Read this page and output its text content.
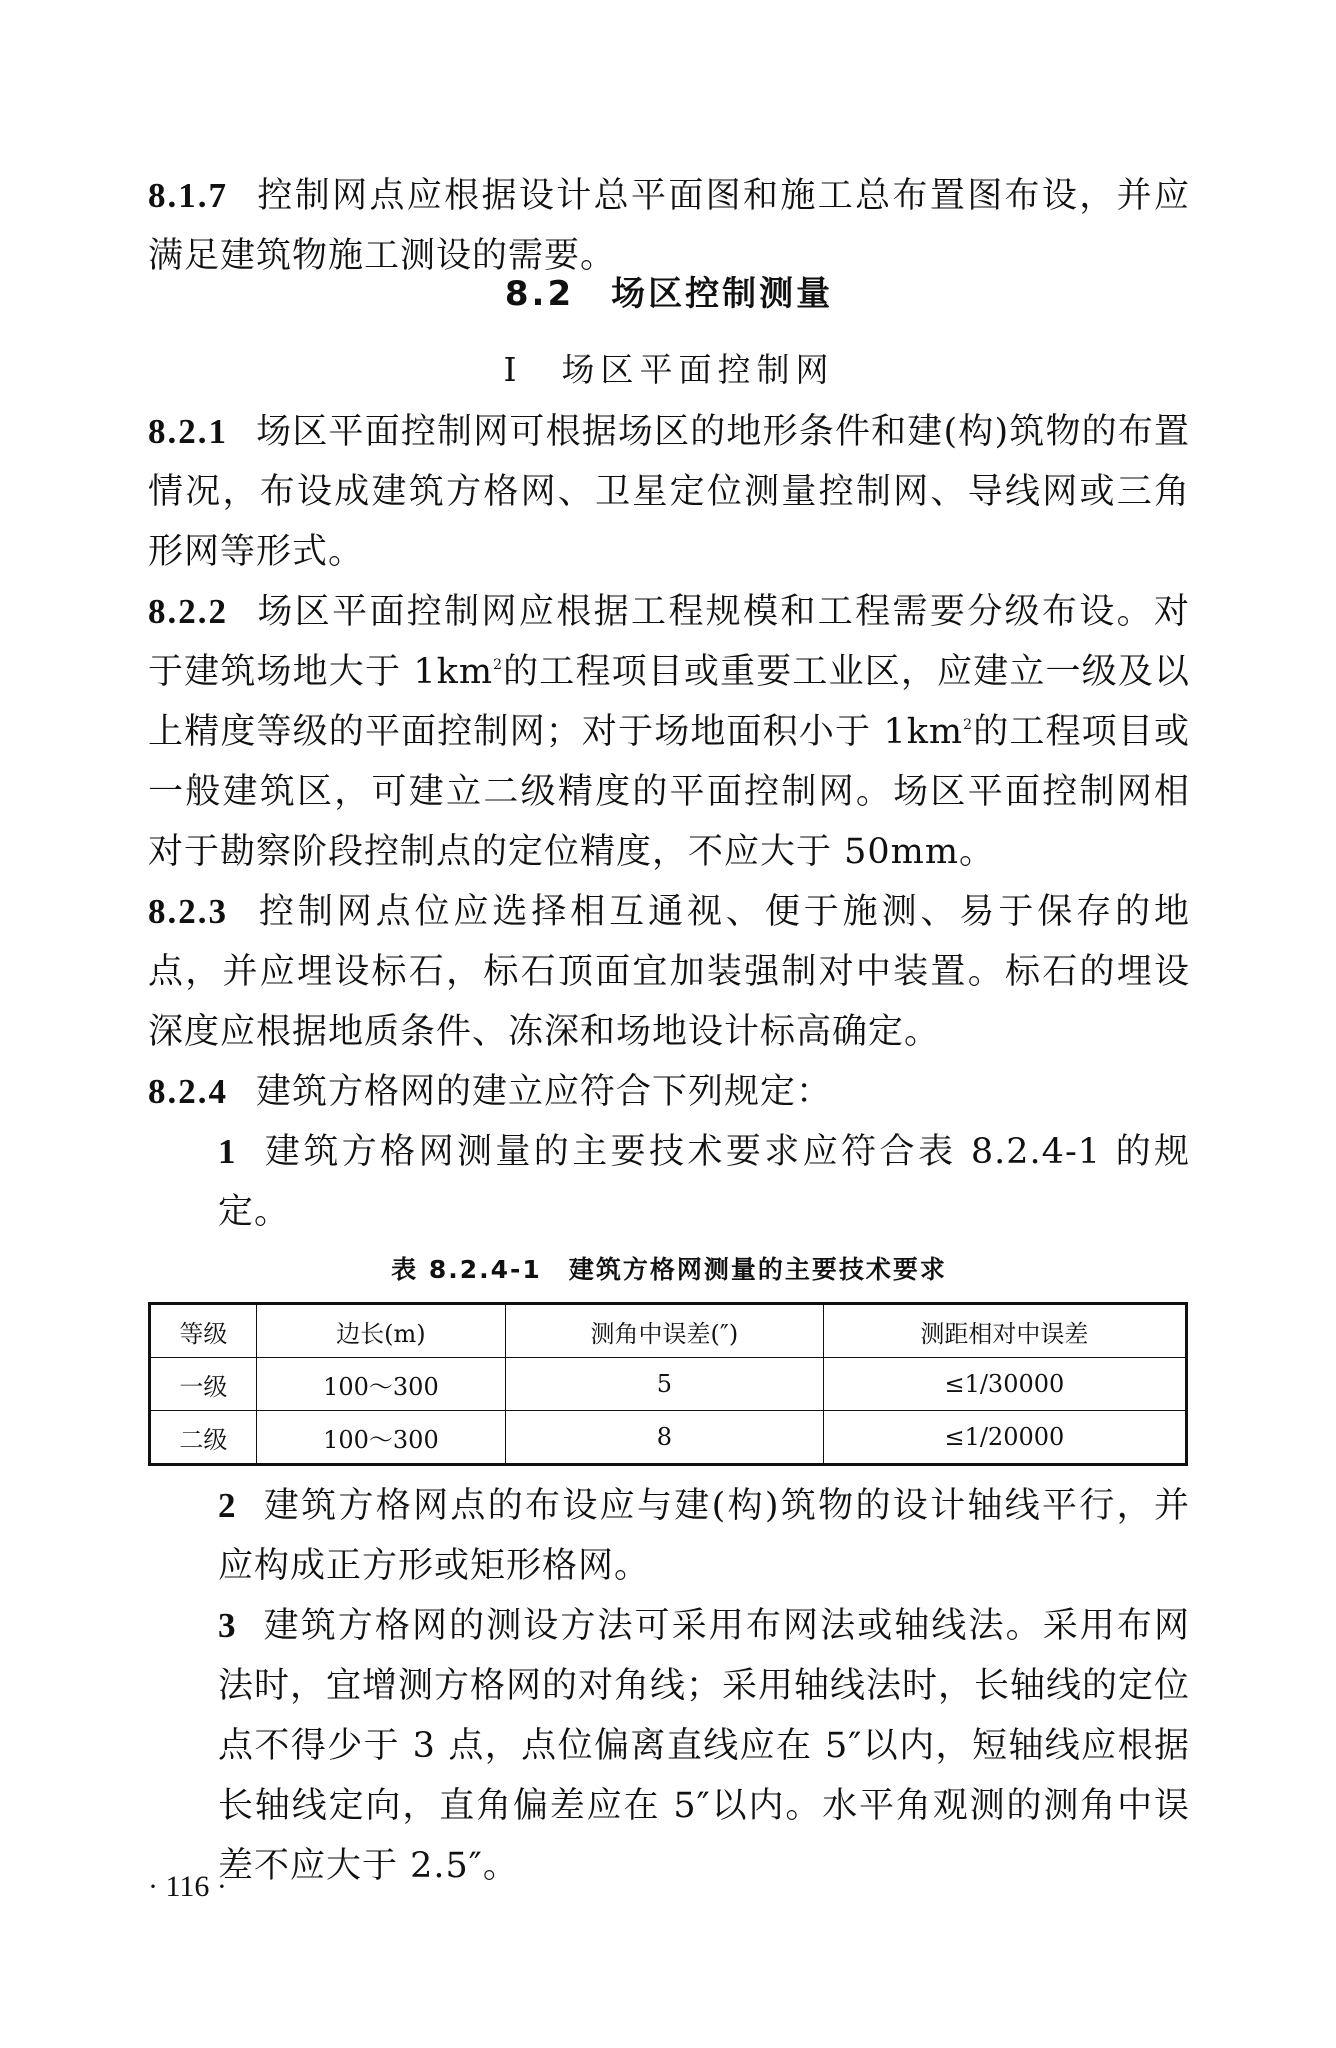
8.1.7 控制网点应根据设计总平面图和施工总布置图布设，并应满足建筑物施工测设的需要。

8.2　场区控制测量

Ⅰ　场区平面控制网

8.2.1 场区平面控制网可根据场区的地形条件和建(构)筑物的布置情况，布设成建筑方格网、卫星定位测量控制网、导线网或三角形网等形式。

8.2.2 场区平面控制网应根据工程规模和工程需要分级布设。对于建筑场地大于 $1km^2$的工程项目或重要工业区，应建立一级及以上精度等级的平面控制网；对于场地面积小于 $1km^2$的工程项目或一般建筑区，可建立二级精度的平面控制网。场区平面控制网相对于勘察阶段控制点的定位精度，不应大于 50mm。

8.2.3 控制网点位应选择相互通视、便于施测、易于保存的地点，并应埋设标石，标石顶面宜加装强制对中装置。标石的埋设深度应根据地质条件、冻深和场地设计标高确定。

8.2.4 建筑方格网的建立应符合下列规定：

1 建筑方格网测量的主要技术要求应符合表 8.2.4-1 的规定。

表 8.2.4-1　建筑方格网测量的主要技术要求

等级	边长(m)	测角中误差(″)	测距相对中误差
一级	100～300	5	≤1/30000
二级	100～300	8	≤1/20000

2 建筑方格网点的布设应与建(构)筑物的设计轴线平行，并应构成正方形或矩形格网。

3 建筑方格网的测设方法可采用布网法或轴线法。采用布网法时，宜增测方格网的对角线；采用轴线法时，长轴线的定位点不得少于 3 点，点位偏离直线应在 5″以内，短轴线应根据长轴线定向，直角偏差应在 5″以内。水平角观测的测角中误差不应大于 2.5″。

· 116 ·
